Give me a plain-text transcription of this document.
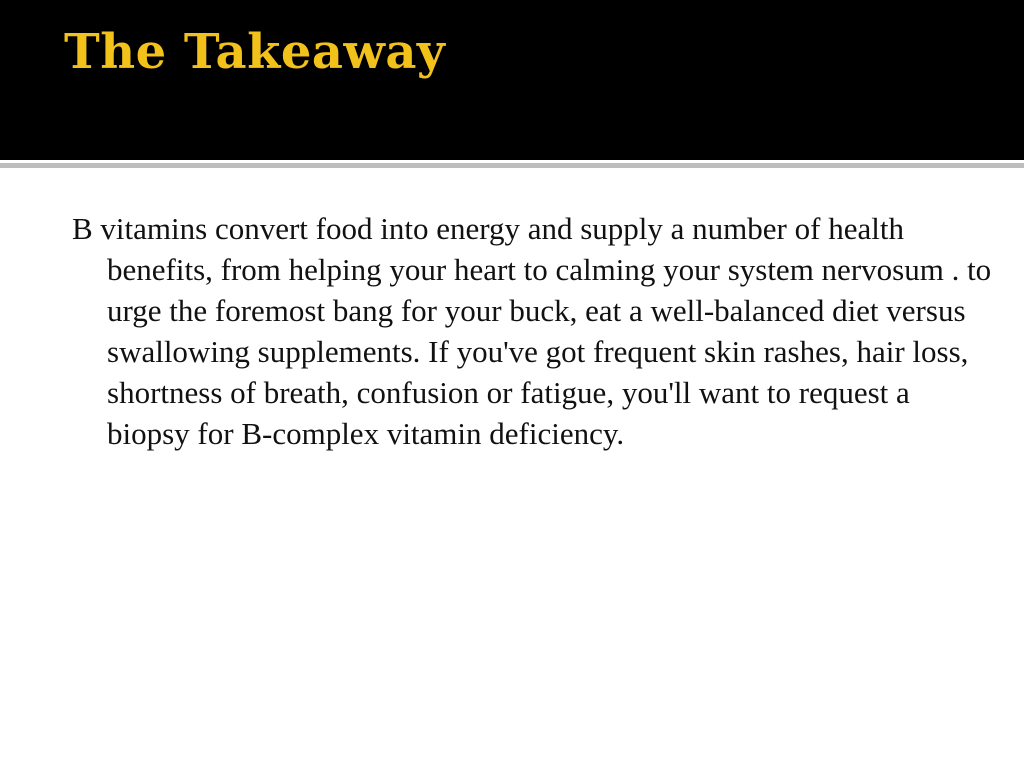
The Takeaway

B vitamins convert food into energy and supply a number of health benefits, from helping your heart to calming your system nervosum . to urge the foremost bang for your buck, eat a well-balanced diet versus swallowing supplements. If you've got frequent skin rashes, hair loss, shortness of breath, confusion or fatigue, you'll want to request a biopsy for B-complex vitamin deficiency.
